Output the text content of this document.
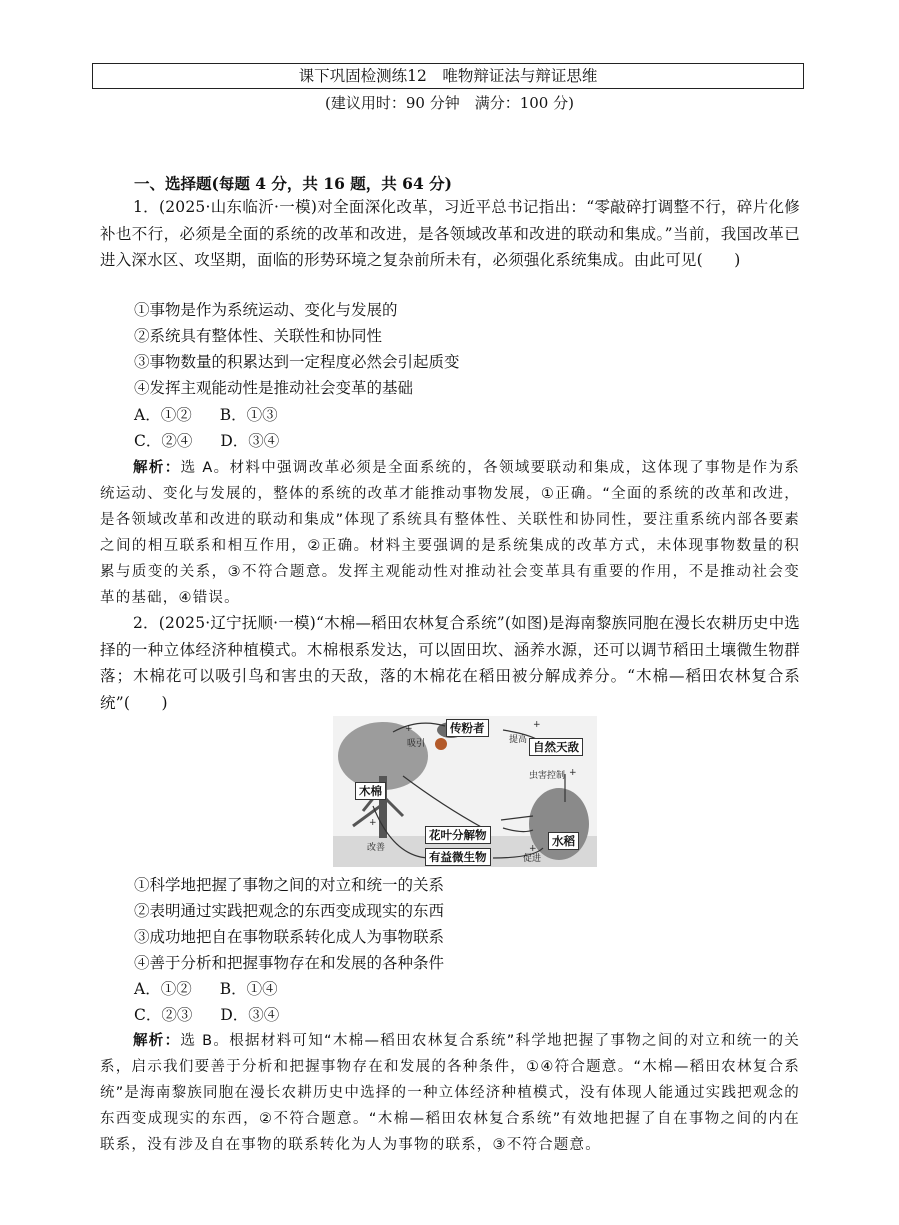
课下巩固检测练12　唯物辩证法与辩证思维
(建议用时：90 分钟　满分：100 分)
一、选择题(每题 4 分，共 16 题，共 64 分)
1．(2025·山东临沂·一模)对全面深化改革，习近平总书记指出：“零敲碎打调整不行，碎片化修补也不行，必须是全面的系统的改革和改进，是各领域改革和改进的联动和集成。”当前，我国改革已进入深水区、攻坚期，面临的形势环境之复杂前所未有，必须强化系统集成。由此可见(　　)
①事物是作为系统运动、变化与发展的
②系统具有整体性、关联性和协同性
③事物数量的积累达到一定程度必然会引起质变
④发挥主观能动性是推动社会变革的基础
A．①② B．①③
C．②④ D．③④
解析：选 A。材料中强调改革必须是全面系统的，各领域要联动和集成，这体现了事物是作为系统运动、变化与发展的，整体的系统的改革才能推动事物发展，①正确。“全面的系统的改革和改进，是各领域改革和改进的联动和集成”体现了系统具有整体性、关联性和协同性，要注重系统内部各要素之间的相互联系和相互作用，②正确。材料主要强调的是系统集成的改革方式，未体现事物数量的积累与质变的关系，③不符合题意。发挥主观能动性对推动社会变革具有重要的作用，不是推动社会变革的基础，④错误。
2．(2025·辽宁抚顺·一模)“木棉—稻田农林复合系统”(如图)是海南黎族同胞在漫长农耕历史中选择的一种立体经济种植模式。木棉根系发达，可以固田坎、涵养水源，还可以调节稻田土壤微生物群落；木棉花可以吸引鸟和害虫的天敌，落的木棉花在稻田被分解成养分。“木棉—稻田农林复合系统”(　　)
传粉者
自然天敌
木棉
花叶分解物	水稻
有益微生物
吸引	提高
虫害控制
改善
促进
+	+
+
+
+
①科学地把握了事物之间的对立和统一的关系
②表明通过实践把观念的东西变成现实的东西
③成功地把自在事物联系转化成人为事物联系
④善于分析和把握事物存在和发展的各种条件
A．①② B．①④
C．②③ D．③④
解析：选 B。根据材料可知“木棉—稻田农林复合系统”科学地把握了事物之间的对立和统一的关系，启示我们要善于分析和把握事物存在和发展的各种条件，①④符合题意。“木棉—稻田农林复合系统”是海南黎族同胞在漫长农耕历史中选择的一种立体经济种植模式，没有体现人能通过实践把观念的东西变成现实的东西，②不符合题意。“木棉—稻田农林复合系统”有效地把握了自在事物之间的内在联系，没有涉及自在事物的联系转化为人为事物的联系，③不符合题意。
